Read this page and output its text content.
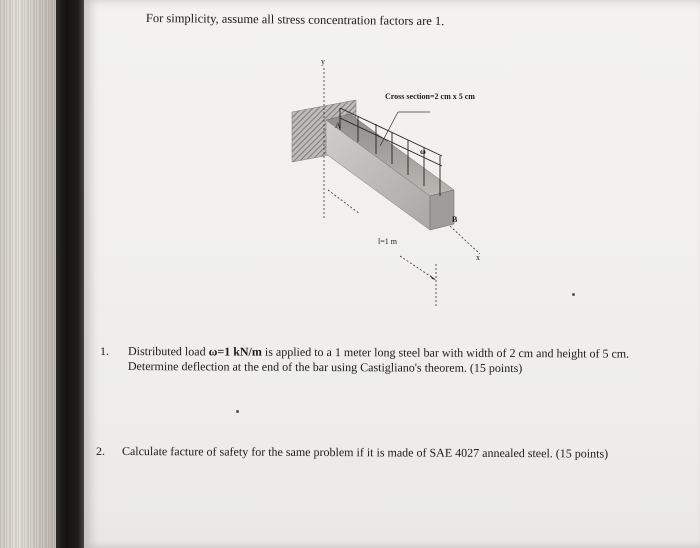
For simplicity, assume all stress concentration factors are 1.
y
Cross section=2 cm x 5 cm
A
ω
B
x
l=1 m
1. Distributed load ω=1 kN/m is applied to a 1 meter long steel bar with width of 2 cm and height of 5 cm.
Determine deflection at the end of the bar using Castigliano's theorem. (15 points)
2. Calculate facture of safety for the same problem if it is made of SAE 4027 annealed steel. (15 points)
